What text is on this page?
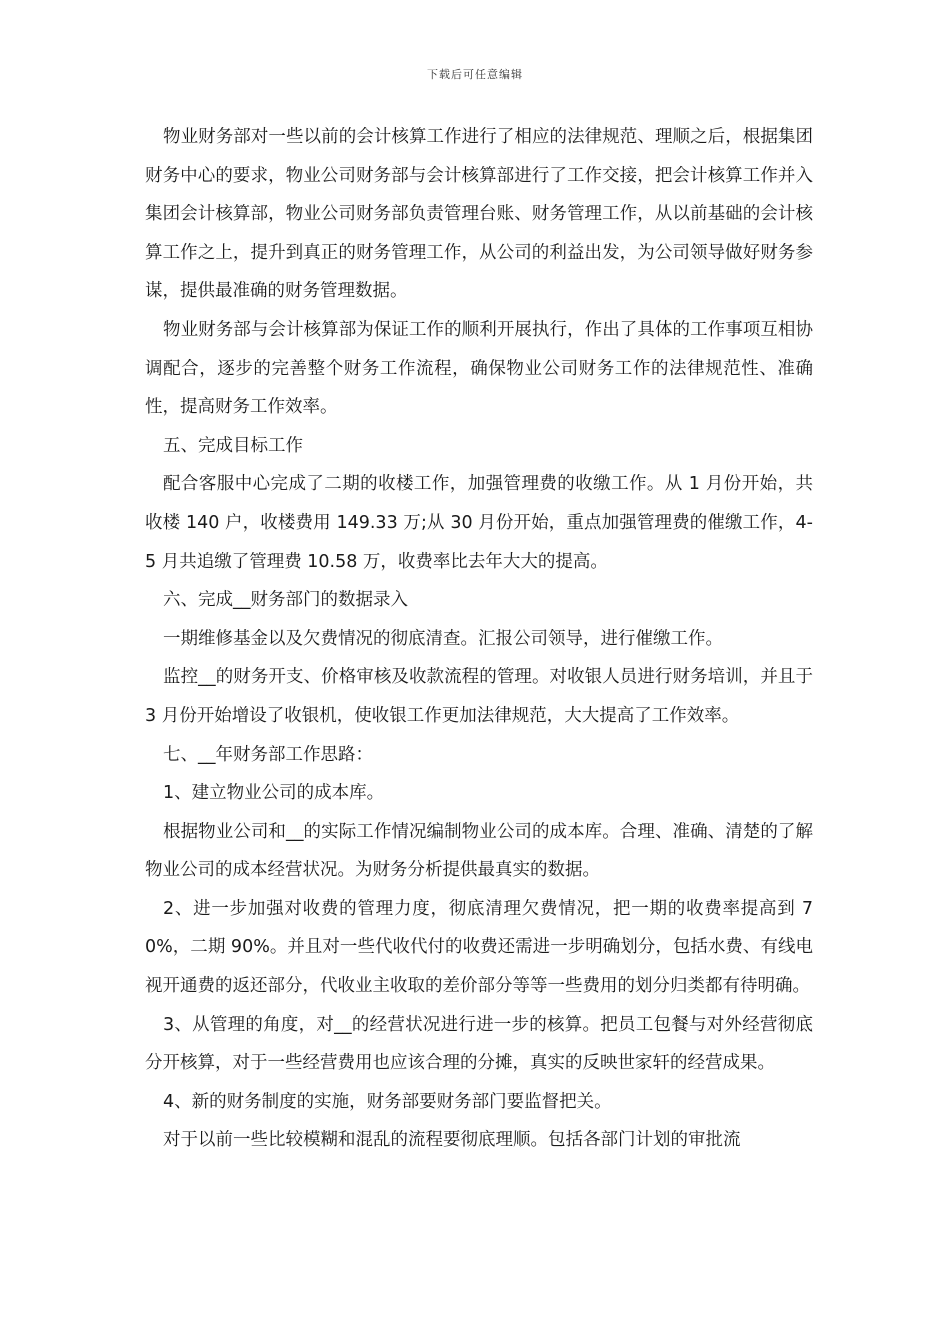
下载后可任意编辑

物业财务部对一些以前的会计核算工作进行了相应的法律规范、理顺之后，根据集团财务中心的要求，物业公司财务部与会计核算部进行了工作交接，把会计核算工作并入集团会计核算部，物业公司财务部负责管理台账、财务管理工作，从以前基础的会计核算工作之上，提升到真正的财务管理工作，从公司的利益出发，为公司领导做好财务参谋，提供最准确的财务管理数据。

物业财务部与会计核算部为保证工作的顺利开展执行，作出了具体的工作事项互相协调配合，逐步的完善整个财务工作流程，确保物业公司财务工作的法律规范性、准确性，提高财务工作效率。

五、完成目标工作

配合客服中心完成了二期的收楼工作，加强管理费的收缴工作。从 1 月份开始，共收楼 140 户，收楼费用 149.33 万;从 30 月份开始，重点加强管理费的催缴工作，4-5 月共追缴了管理费 10.58 万，收费率比去年大大的提高。

六、完成__财务部门的数据录入

一期维修基金以及欠费情况的彻底清查。汇报公司领导，进行催缴工作。

监控__的财务开支、价格审核及收款流程的管理。对收银人员进行财务培训，并且于 3 月份开始增设了收银机，使收银工作更加法律规范，大大提高了工作效率。

七、__年财务部工作思路：

1、建立物业公司的成本库。

根据物业公司和__的实际工作情况编制物业公司的成本库。合理、准确、清楚的了解物业公司的成本经营状况。为财务分析提供最真实的数据。

2、进一步加强对收费的管理力度，彻底清理欠费情况，把一期的收费率提高到 70%，二期 90%。并且对一些代收代付的收费还需进一步明确划分，包括水费、有线电视开通费的返还部分，代收业主收取的差价部分等等一些费用的划分归类都有待明确。

3、从管理的角度，对__的经营状况进行进一步的核算。把员工包餐与对外经营彻底分开核算，对于一些经营费用也应该合理的分摊，真实的反映世家轩的经营成果。

4、新的财务制度的实施，财务部要财务部门要监督把关。

对于以前一些比较模糊和混乱的流程要彻底理顺。包括各部门计划的审批流
